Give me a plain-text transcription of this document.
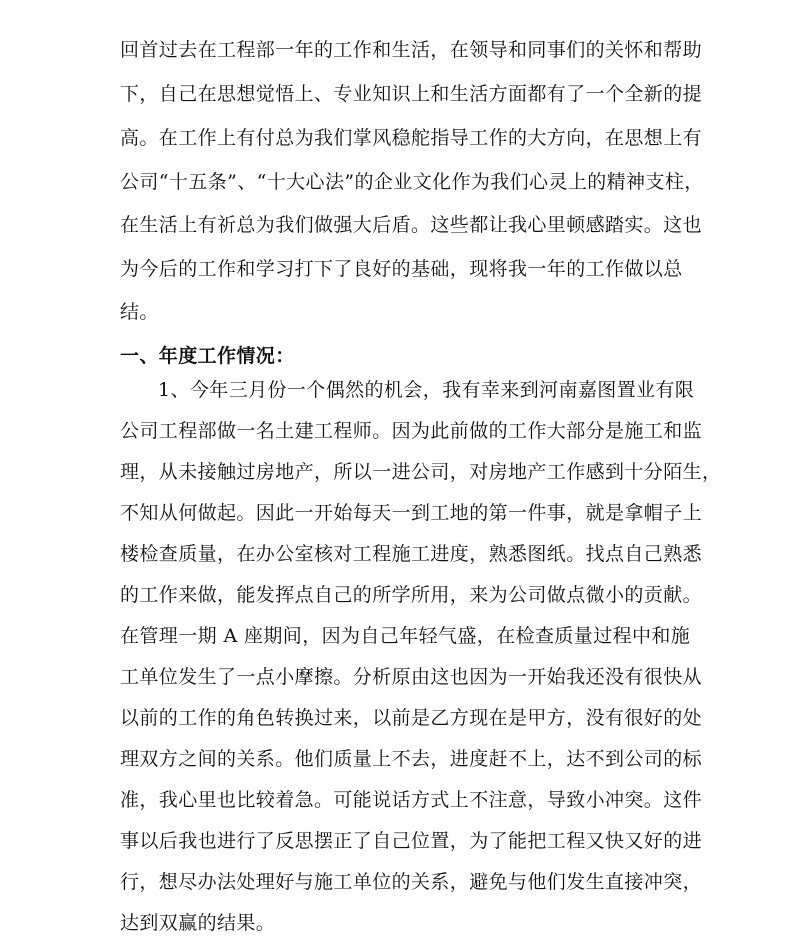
回首过去在工程部一年的工作和生活，在领导和同事们的关怀和帮助
下，自己在思想觉悟上、专业知识上和生活方面都有了一个全新的提
高。在工作上有付总为我们掌风稳舵指导工作的大方向，在思想上有
公司“十五条”、“十大心法”的企业文化作为我们心灵上的精神支柱，
在生活上有祈总为我们做强大后盾。这些都让我心里顿感踏实。这也
为今后的工作和学习打下了良好的基础，现将我一年的工作做以总
结。
一、年度工作情况：
1、今年三月份一个偶然的机会，我有幸来到河南嘉图置业有限
公司工程部做一名土建工程师。因为此前做的工作大部分是施工和监
理，从未接触过房地产，所以一进公司，对房地产工作感到十分陌生，
不知从何做起。因此一开始每天一到工地的第一件事，就是拿帽子上
楼检查质量，在办公室核对工程施工进度，熟悉图纸。找点自己熟悉
的工作来做，能发挥点自己的所学所用，来为公司做点微小的贡献。
在管理一期 A 座期间，因为自己年轻气盛，在检查质量过程中和施
工单位发生了一点小摩擦。分析原由这也因为一开始我还没有很快从
以前的工作的角色转换过来，以前是乙方现在是甲方，没有很好的处
理双方之间的关系。他们质量上不去，进度赶不上，达不到公司的标
准，我心里也比较着急。可能说话方式上不注意，导致小冲突。这件
事以后我也进行了反思摆正了自己位置，为了能把工程又快又好的进
行，想尽办法处理好与施工单位的关系，避免与他们发生直接冲突，
达到双赢的结果。
